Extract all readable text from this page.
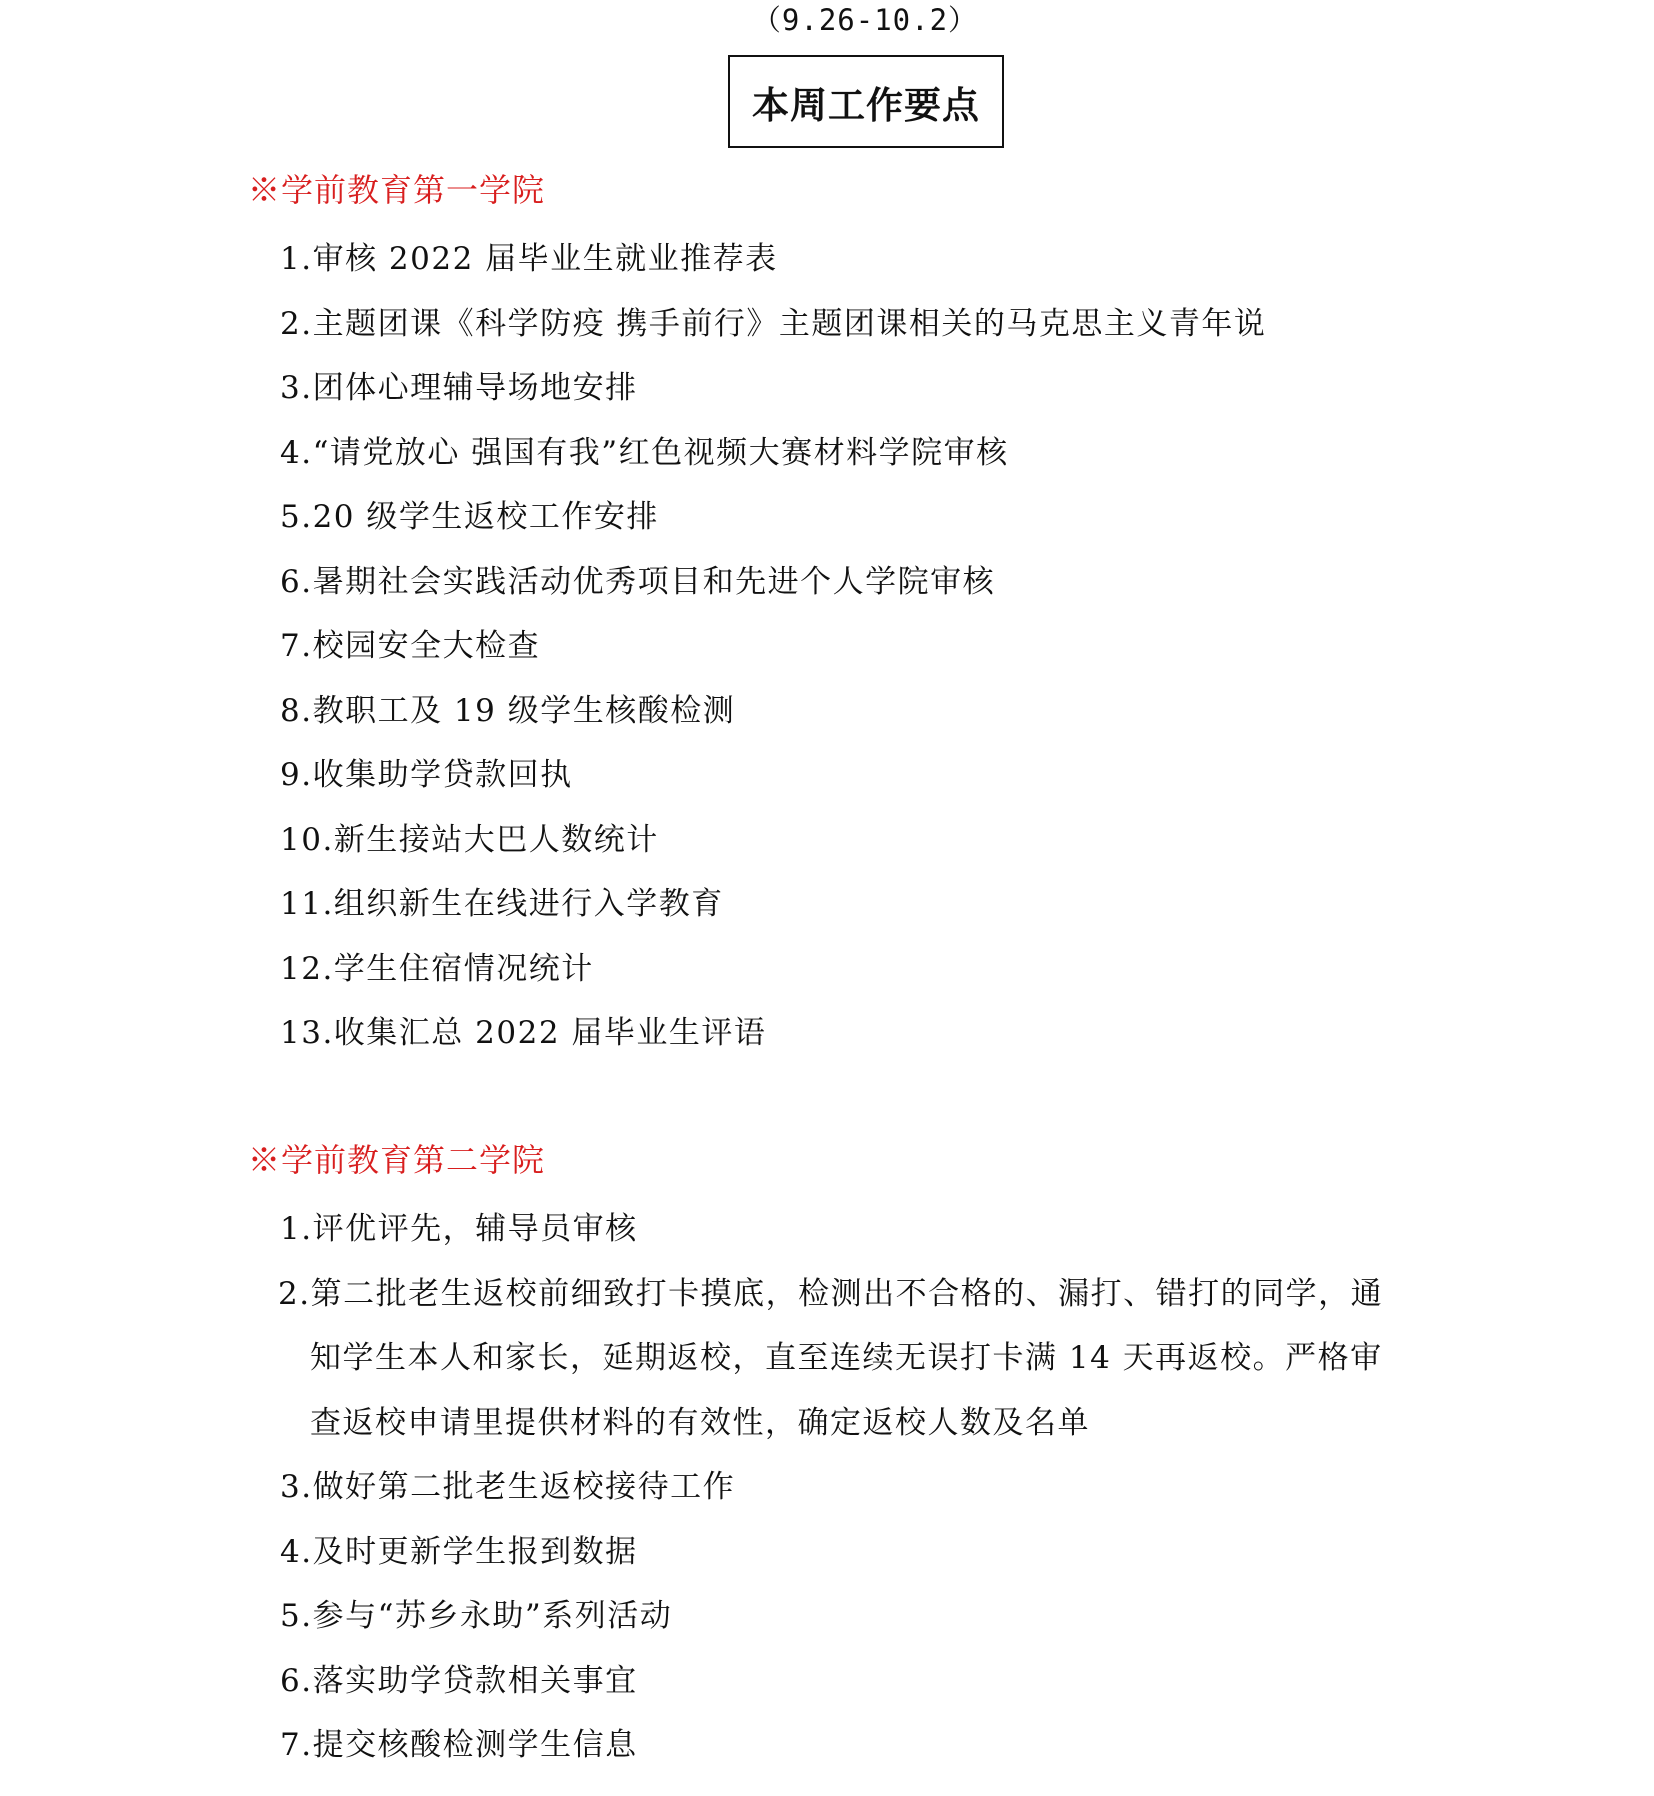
（9.26-10.2）
本周工作要点
※学前教育第一学院
1.审核 2022 届毕业生就业推荐表
2.主题团课《科学防疫 携手前行》主题团课相关的马克思主义青年说
3.团体心理辅导场地安排
4.“请党放心 强国有我”红色视频大赛材料学院审核
5.20 级学生返校工作安排
6.暑期社会实践活动优秀项目和先进个人学院审核
7.校园安全大检查
8.教职工及 19 级学生核酸检测
9.收集助学贷款回执
10.新生接站大巴人数统计
11.组织新生在线进行入学教育
12.学生住宿情况统计
13.收集汇总 2022 届毕业生评语
※学前教育第二学院
1.评优评先，辅导员审核
2.第二批老生返校前细致打卡摸底，检测出不合格的、漏打、错打的同学，通知学生本人和家长，延期返校，直至连续无误打卡满 14 天再返校。严格审查返校申请里提供材料的有效性，确定返校人数及名单
3.做好第二批老生返校接待工作
4.及时更新学生报到数据
5.参与“苏乡永助”系列活动
6.落实助学贷款相关事宜
7.提交核酸检测学生信息
